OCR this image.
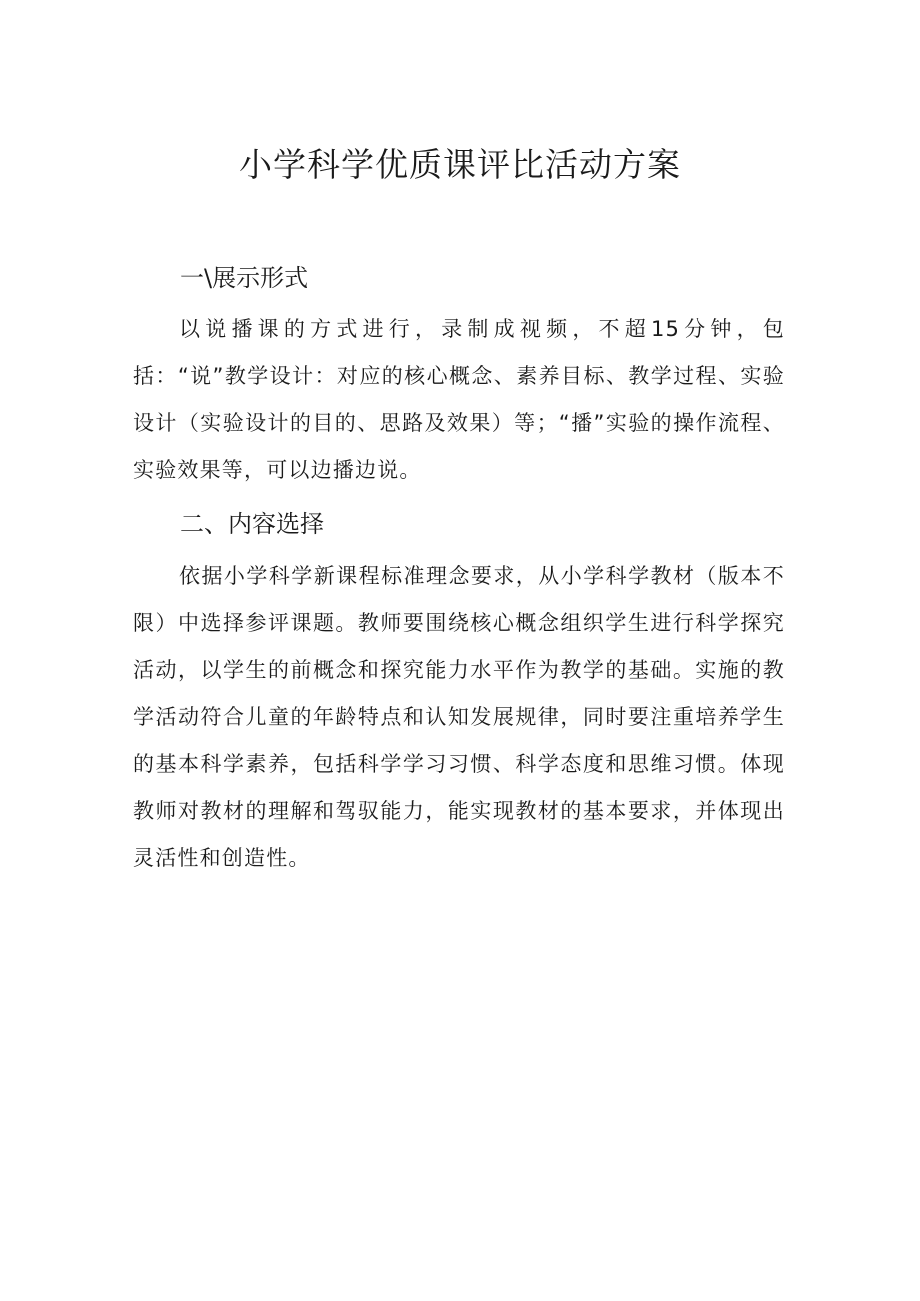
小学科学优质课评比活动方案
一\展示形式

以说播课的方式进行，录制成视频，不超15分钟，包括：“说”教学设计：对应的核心概念、素养目标、教学过程、实验设计（实验设计的目的、思路及效果）等；“播”实验的操作流程、实验效果等，可以边播边说。

二、内容选择

依据小学科学新课程标准理念要求，从小学科学教材（版本不限）中选择参评课题。教师要围绕核心概念组织学生进行科学探究活动，以学生的前概念和探究能力水平作为教学的基础。实施的教学活动符合儿童的年龄特点和认知发展规律，同时要注重培养学生的基本科学素养，包括科学学习习惯、科学态度和思维习惯。体现教师对教材的理解和驾驭能力，能实现教材的基本要求，并体现出灵活性和创造性。
